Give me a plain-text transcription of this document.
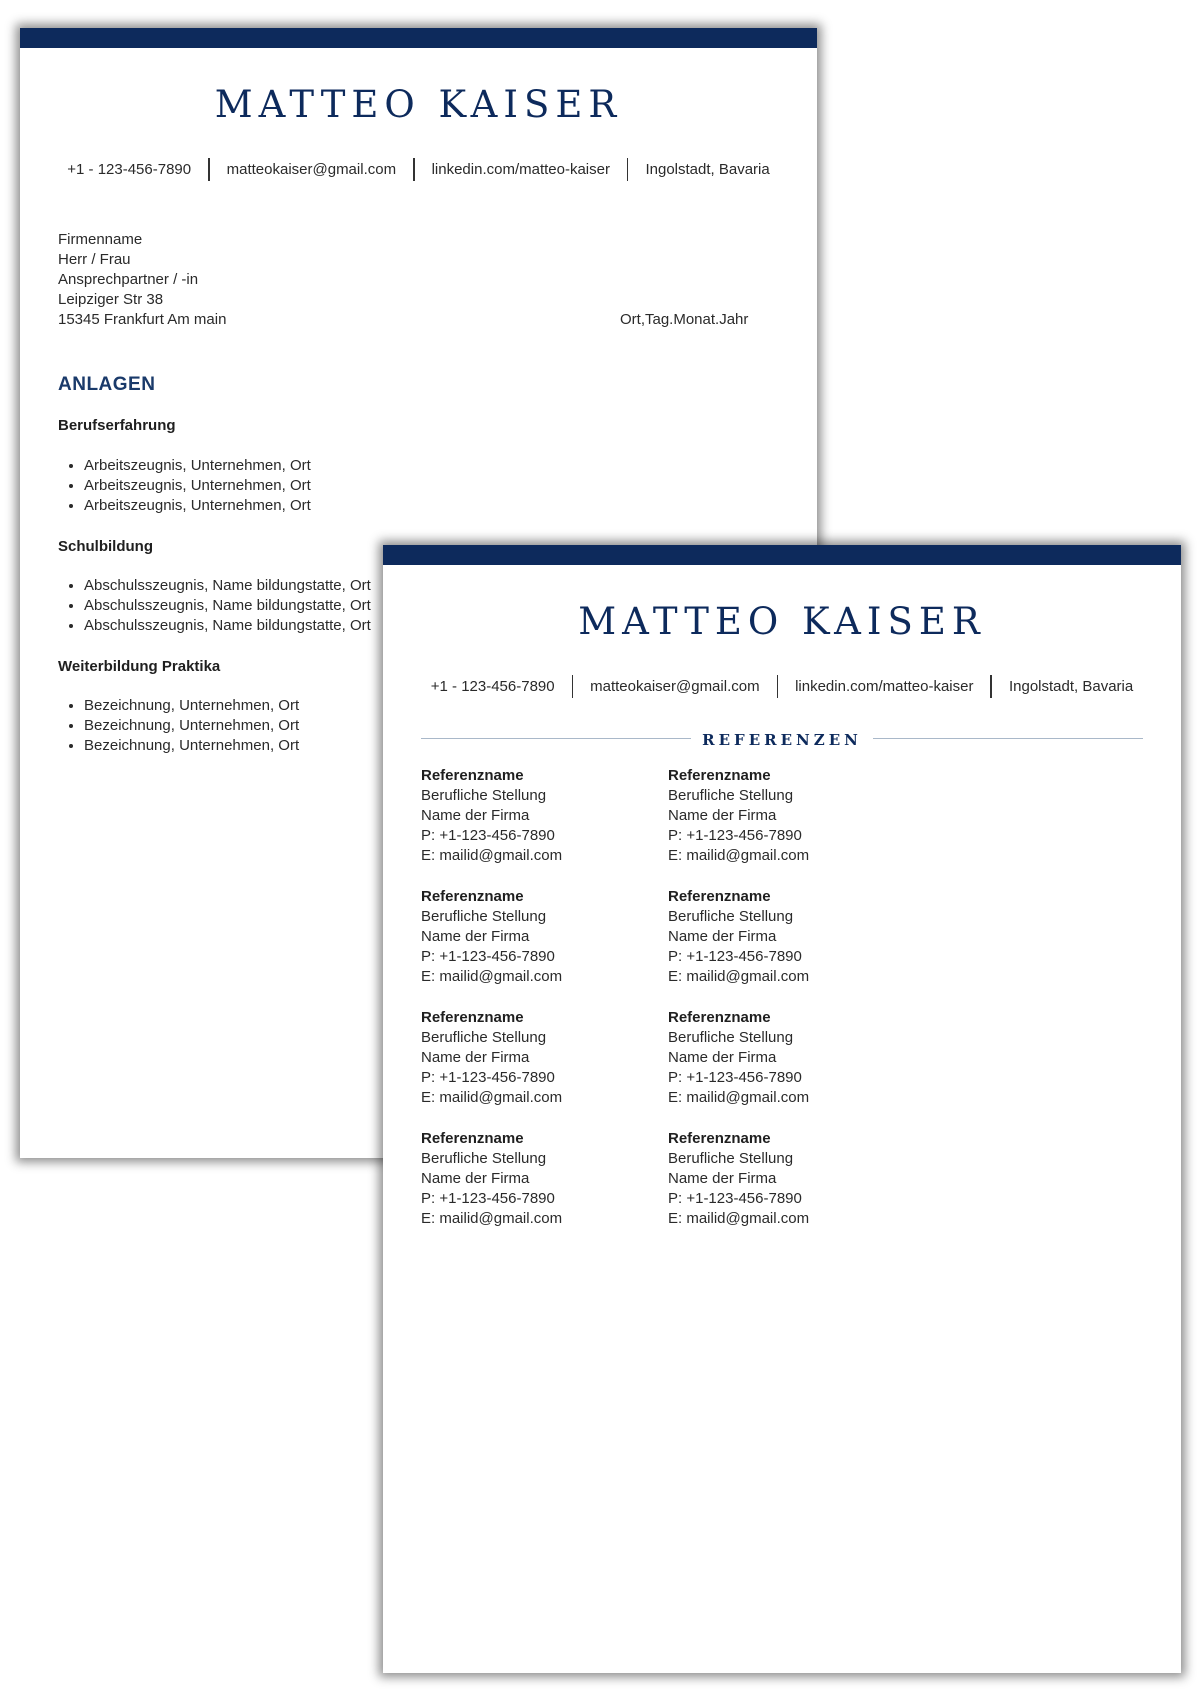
MATTEO KAISER
+1 - 123-456-7890	matteokaiser@gmail.com	linkedin.com/matteo-kaiser	Ingolstadt, Bavaria
Firmenname
Herr / Frau
Ansprechpartner / -in
Leipziger Str 38
15345 Frankfurt Am main	Ort,Tag.Monat.Jahr
ANLAGEN
Berufserfahrung
• Arbeitszeugnis, Unternehmen, Ort
• Arbeitszeugnis, Unternehmen, Ort
• Arbeitszeugnis, Unternehmen, Ort
Schulbildung
• Abschulsszeugnis, Name bildungstatte, Ort
• Abschulsszeugnis, Name bildungstatte, Ort
• Abschulsszeugnis, Name bildungstatte, Ort
Weiterbildung Praktika
• Bezeichnung, Unternehmen, Ort
• Bezeichnung, Unternehmen, Ort
• Bezeichnung, Unternehmen, Ort
MATTEO KAISER
+1 - 123-456-7890	matteokaiser@gmail.com	linkedin.com/matteo-kaiser	Ingolstadt, Bavaria
REFERENZEN
Referenzname
Berufliche Stellung
Name der Firma
P: +1-123-456-7890
E: mailid@gmail.com
Referenzname
Berufliche Stellung
Name der Firma
P: +1-123-456-7890
E: mailid@gmail.com
Referenzname
Berufliche Stellung
Name der Firma
P: +1-123-456-7890
E: mailid@gmail.com
Referenzname
Berufliche Stellung
Name der Firma
P: +1-123-456-7890
E: mailid@gmail.com
Referenzname
Berufliche Stellung
Name der Firma
P: +1-123-456-7890
E: mailid@gmail.com
Referenzname
Berufliche Stellung
Name der Firma
P: +1-123-456-7890
E: mailid@gmail.com
Referenzname
Berufliche Stellung
Name der Firma
P: +1-123-456-7890
E: mailid@gmail.com
Referenzname
Berufliche Stellung
Name der Firma
P: +1-123-456-7890
E: mailid@gmail.com
